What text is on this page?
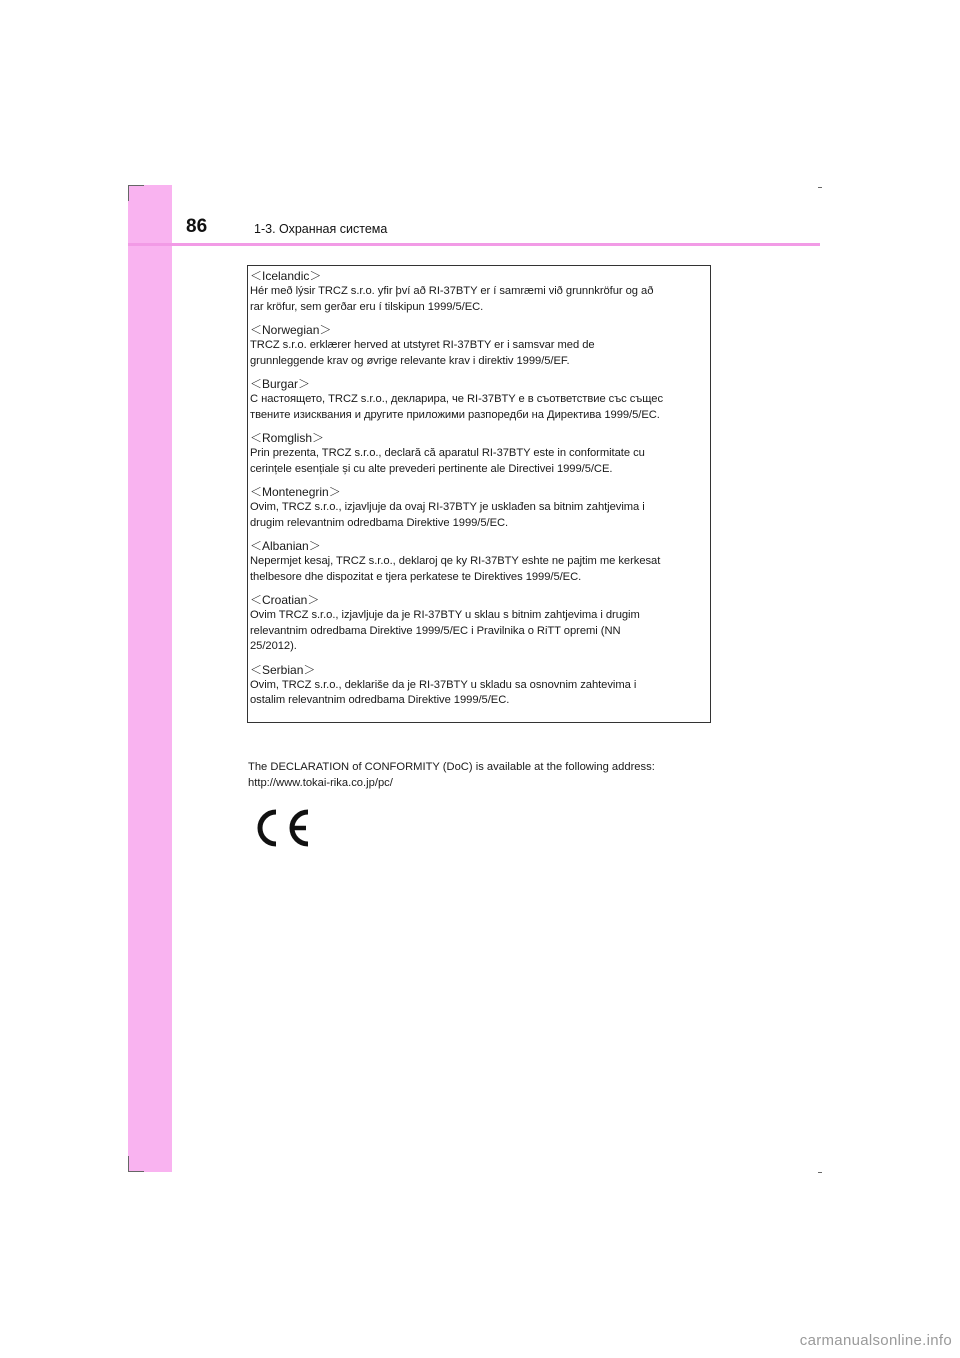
86	1-3. Охранная система
＜Icelandic＞
Hér með lýsir TRCZ s.r.o. yfir því að RI-37BTY er í samræmi við grunnkröfur og að
rar kröfur, sem gerðar eru í tilskipun 1999/5/EC.
＜Norwegian＞
TRCZ s.r.o. erklærer herved at utstyret RI-37BTY er i samsvar med de
grunnleggende krav og øvrige relevante krav i direktiv 1999/5/EF.
＜Burgar＞
С настоящето, TRCZ s.r.o., декларира, че RI-37BTY е в съответствие със същес
твените изисквания и другите приложими разпоредби на Директива 1999/5/EC.
＜Romglish＞
Prin prezenta, TRCZ s.r.o., declară că aparatul RI-37BTY este in conformitate cu
cerințele esențiale și cu alte prevederi pertinente ale Directivei 1999/5/CE.
＜Montenegrin＞
Ovim, TRCZ s.r.o., izjavljuje da ovaj RI-37BTY je usklađen sa bitnim zahtjevima i
drugim relevantnim odredbama Direktive 1999/5/EC.
＜Albanian＞
Nepermjet kesaj, TRCZ s.r.o., deklaroj qe ky RI-37BTY eshte ne pajtim me kerkesat
thelbesore dhe dispozitat e tjera perkatese te Direktives 1999/5/EC.
＜Croatian＞
Ovim TRCZ s.r.o., izjavljuje da je RI-37BTY u sklau s bitnim zahtjevima i drugim
relevantnim odredbama Direktive 1999/5/EC i Pravilnika o RiTT opremi (NN
25/2012).
＜Serbian＞
Ovim, TRCZ s.r.o., deklariše da je RI-37BTY u skladu sa osnovnim zahtevima i
ostalim relevantnim odredbama Direktive 1999/5/EC.
The DECLARATION of CONFORMITY (DoC) is available at the following address:
http://www.tokai-rika.co.jp/pc/
carmanualsonline.info
